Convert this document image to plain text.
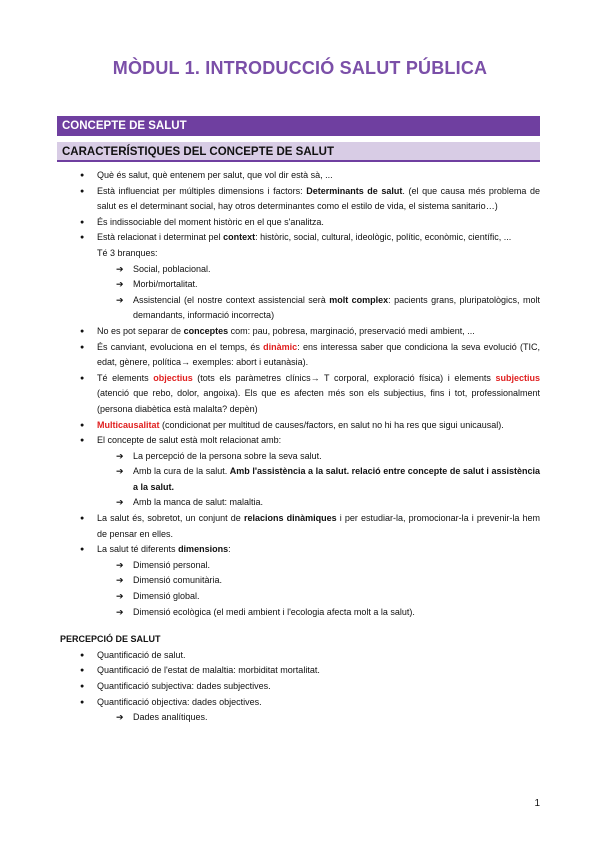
MÒDUL 1. INTRODUCCIÓ SALUT PÚBLICA
CONCEPTE DE SALUT
CARACTERÍSTIQUES DEL CONCEPTE DE SALUT
● Què és salut, què entenem per salut, que vol dir està sà, ...
● Està influenciat per múltiples dimensions i factors: Determinants de salut. (el que causa més problema de salut es el determinant social, hay otros determinantes como el estilo de vida, el sistema sanitario…)
● És indissociable del moment històric en el que s'analitza.
● Està relacionat i determinat pel context: històric, social, cultural, ideològic, polític, econòmic, científic, ...
Té 3 branques:
➔ Social, poblacional.
➔ Morbi/mortalitat.
➔ Assistencial (el nostre context assistencial serà molt complex: pacients grans, pluripatològics, molt demandants, informació incorrecta)
● No es pot separar de conceptes com: pau, pobresa, marginació, preservació medi ambient, ...
● És canviant, evoluciona en el temps, és dinàmic: ens interessa saber que condiciona la seva evolució (TIC, edat, gènere, política→ exemples: abort i eutanàsia).
● Té elements objectius (tots els paràmetres clínics→ T corporal, exploració física) i elements subjectius (atenció que rebo, dolor, angoixa). Els que es afecten més son els subjectius, fins i tot, professionalment (persona diabètica està malalta? depèn)
● Multicausalitat (condicionat per multitud de causes/factors, en salut no hi ha res que sigui unicausal).
● El concepte de salut està molt relacionat amb:
➔ La percepció de la persona sobre la seva salut.
➔ Amb la cura de la salut. Amb l'assistència a la salut. relació entre concepte de salut i assistència a la salut.
➔ Amb la manca de salut: malaltia.
● La salut és, sobretot, un conjunt de relacions dinàmiques i per estudiar-la, promocionar-la i prevenir-la hem de pensar en elles.
● La salut té diferents dimensions:
➔ Dimensió personal.
➔ Dimensió comunitària.
➔ Dimensió global.
➔ Dimensió ecològica (el medi ambient i l'ecologia afecta molt a la salut).
PERCEPCIÓ DE SALUT
● Quantificació de salut.
● Quantificació de l'estat de malaltia: morbiditat mortalitat.
● Quantificació subjectiva: dades subjectives.
● Quantificació objectiva: dades objectives.
➔ Dades analítiques.
1
